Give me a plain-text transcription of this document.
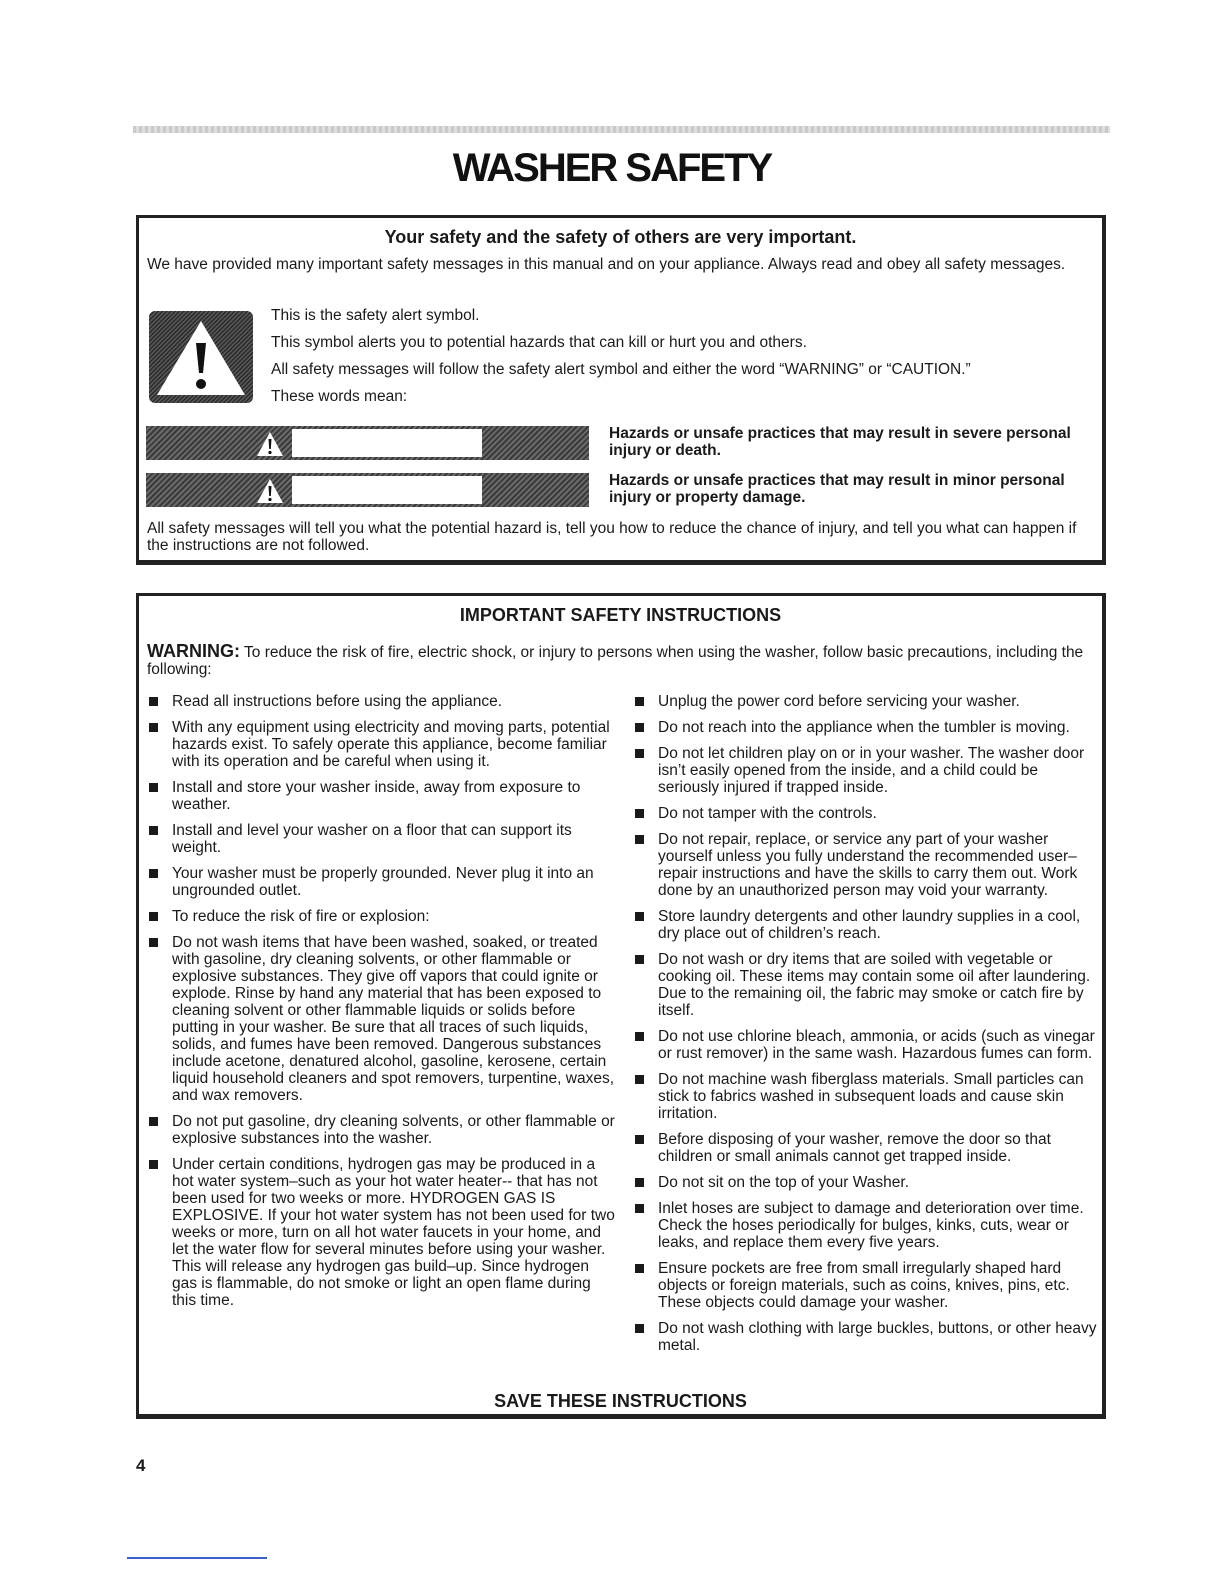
WASHER SAFETY
Your safety and the safety of others are very important.
We have provided many important safety messages in this manual and on your appliance. Always read and obey all safety messages.
This is the safety alert symbol.
This symbol alerts you to potential hazards that can kill or hurt you and others.
All safety messages will follow the safety alert symbol and either the word “WARNING” or “CAUTION.”
These words mean:
Hazards or unsafe practices that may result in severe personal injury or death.
Hazards or unsafe practices that may result in minor personal injury or property damage.
All safety messages will tell you what the potential hazard is, tell you how to reduce the chance of injury, and tell you what can happen if the instructions are not followed.
IMPORTANT SAFETY INSTRUCTIONS
WARNING: To reduce the risk of fire, electric shock, or injury to persons when using the washer, follow basic precautions, including the following:
Read all instructions before using the appliance.
With any equipment using electricity and moving parts, potential hazards exist. To safely operate this appliance, become familiar with its operation and be careful when using it.
Install and store your washer inside, away from exposure to weather.
Install and level your washer on a floor that can support its weight.
Your washer must be properly grounded. Never plug it into an ungrounded outlet.
To reduce the risk of fire or explosion:
Do not wash items that have been washed, soaked, or treated with gasoline, dry cleaning solvents, or other flammable or explosive substances. They give off vapors that could ignite or explode. Rinse by hand any material that has been exposed to cleaning solvent or other flammable liquids or solids before putting in your washer. Be sure that all traces of such liquids, solids, and fumes have been removed. Dangerous substances include acetone, denatured alcohol, gasoline, kerosene, certain liquid household cleaners and spot removers, turpentine, waxes, and wax removers.
Do not put gasoline, dry cleaning solvents, or other flammable or explosive substances into the washer.
Under certain conditions, hydrogen gas may be produced in a hot water system–such as your hot water heater-- that has not been used for two weeks or more. HYDROGEN GAS IS EXPLOSIVE. If your hot water system has not been used for two weeks or more, turn on all hot water faucets in your home, and let the water flow for several minutes before using your washer. This will release any hydrogen gas build–up. Since hydrogen gas is flammable, do not smoke or light an open flame during this time.
Unplug the power cord before servicing your washer.
Do not reach into the appliance when the tumbler is moving.
Do not let children play on or in your washer. The washer door isn’t easily opened from the inside, and a child could be seriously injured if trapped inside.
Do not tamper with the controls.
Do not repair, replace, or service any part of your washer yourself unless you fully understand the recommended user–repair instructions and have the skills to carry them out. Work done by an unauthorized person may void your warranty.
Store laundry detergents and other laundry supplies in a cool, dry place out of children’s reach.
Do not wash or dry items that are soiled with vegetable or cooking oil. These items may contain some oil after laundering. Due to the remaining oil, the fabric may smoke or catch fire by itself.
Do not use chlorine bleach, ammonia, or acids (such as vinegar or rust remover) in the same wash. Hazardous fumes can form.
Do not machine wash fiberglass materials. Small particles can stick to fabrics washed in subsequent loads and cause skin irritation.
Before disposing of your washer, remove the door so that children or small animals cannot get trapped inside.
Do not sit on the top of your Washer.
Inlet hoses are subject to damage and deterioration over time. Check the hoses periodically for bulges, kinks, cuts, wear or leaks, and replace them every five years.
Ensure pockets are free from small irregularly shaped hard objects or foreign materials, such as coins, knives, pins, etc. These objects could damage your washer.
Do not wash clothing with large buckles, buttons, or other heavy metal.
SAVE THESE INSTRUCTIONS
4
